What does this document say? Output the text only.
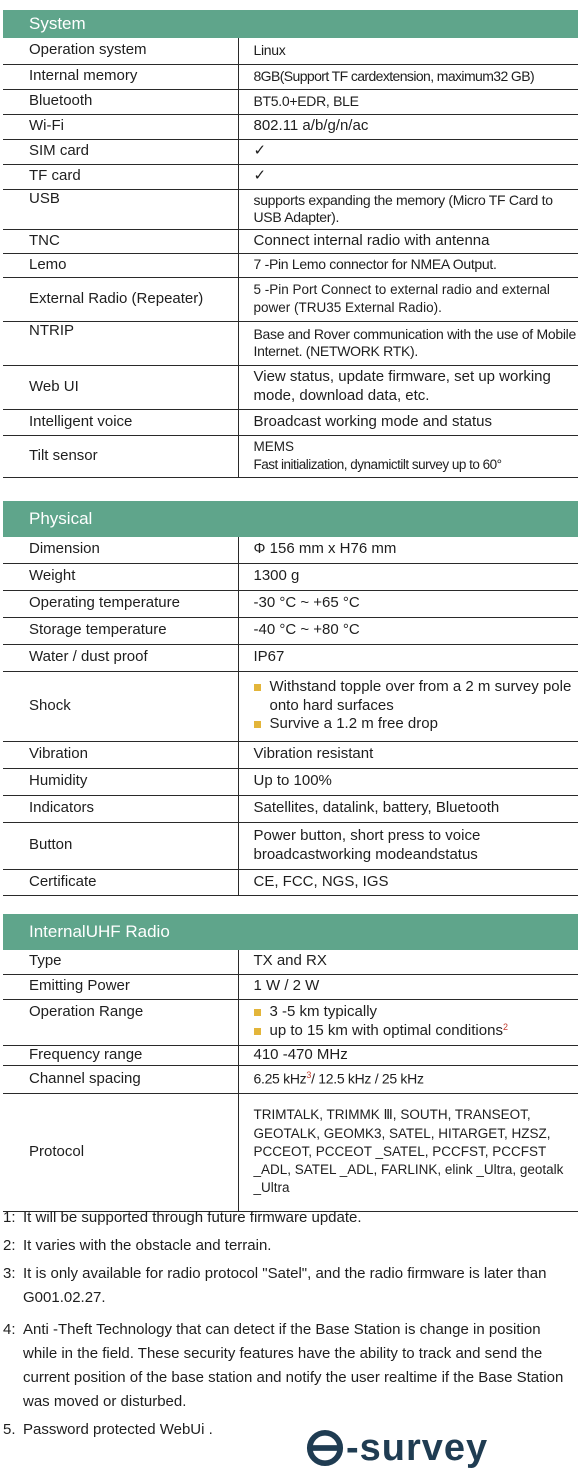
System
Operation system	Linux
Internal memory	8GB(Support TF cardextension, maximum32 GB)
Bluetooth	BT5.0+EDR, BLE
Wi-Fi	802.11 a/b/g/n/ac
SIM card	✓
TF card	✓
USB	supports expanding the memory (Micro TF Card to USB Adapter).
TNC	Connect internal radio with antenna
Lemo	7 -Pin Lemo connector for NMEA Output.
External Radio (Repeater)	5 -Pin Port Connect to external radio and external power (TRU35 External Radio).
NTRIP	Base and Rover communication with the use of Mobile Internet. (NETWORK RTK).
Web UI	View status, update firmware, set up working mode, download data, etc.
Intelligent voice	Broadcast working mode and status
Tilt sensor	MEMS
Fast initialization, dynamictilt survey up to 60°
Physical
Dimension	Φ 156 mm x H76 mm
Weight	1300 g
Operating temperature	-30 °C ~ +65 °C
Storage temperature	-40 °C ~ +80 °C
Water / dust proof	IP67
Shock	Withstand topple over from a 2 m survey pole onto hard surfaces
Survive a 1.2 m free drop

Vibration	Vibration resistant
Humidity	Up to 100%
Indicators	Satellites, datalink, battery, Bluetooth
Button	Power button, short press to voice broadcastworking modeandstatus
Certificate	CE, FCC, NGS, IGS
InternalUHF Radio
Type	TX and RX
Emitting Power	1 W / 2 W
Operation Range	3 -5 km typically
up to 15 km with optimal conditions$^2$

Frequency range	410 -470 MHz
Channel spacing	6.25 kHz$^3$/ 12.5 kHz / 25 kHz
Protocol	TRIMTALK, TRIMMK Ⅲ, SOUTH, TRANSEOT, GEOTALK, GEOMK3, SATEL, HITARGET, HZSZ, PCCEOT, PCCEOT _SATEL, PCCFST, PCCFST _ADL, SATEL _ADL, FARLINK, elink _Ultra, geotalk _Ultra
1: It will be supported through future firmware update.
2: It varies with the obstacle and terrain.
3: It is only available for radio protocol "Satel", and the radio firmware is later than G001.02.27.
4: Anti -Theft Technology that can detect if the Base Station is change in position while in the field. These security features have the ability to track and send the current position of the base station and notify the user realtime if the Base Station was moved or disturbed.
5. Password protected WebUi .	-survey
